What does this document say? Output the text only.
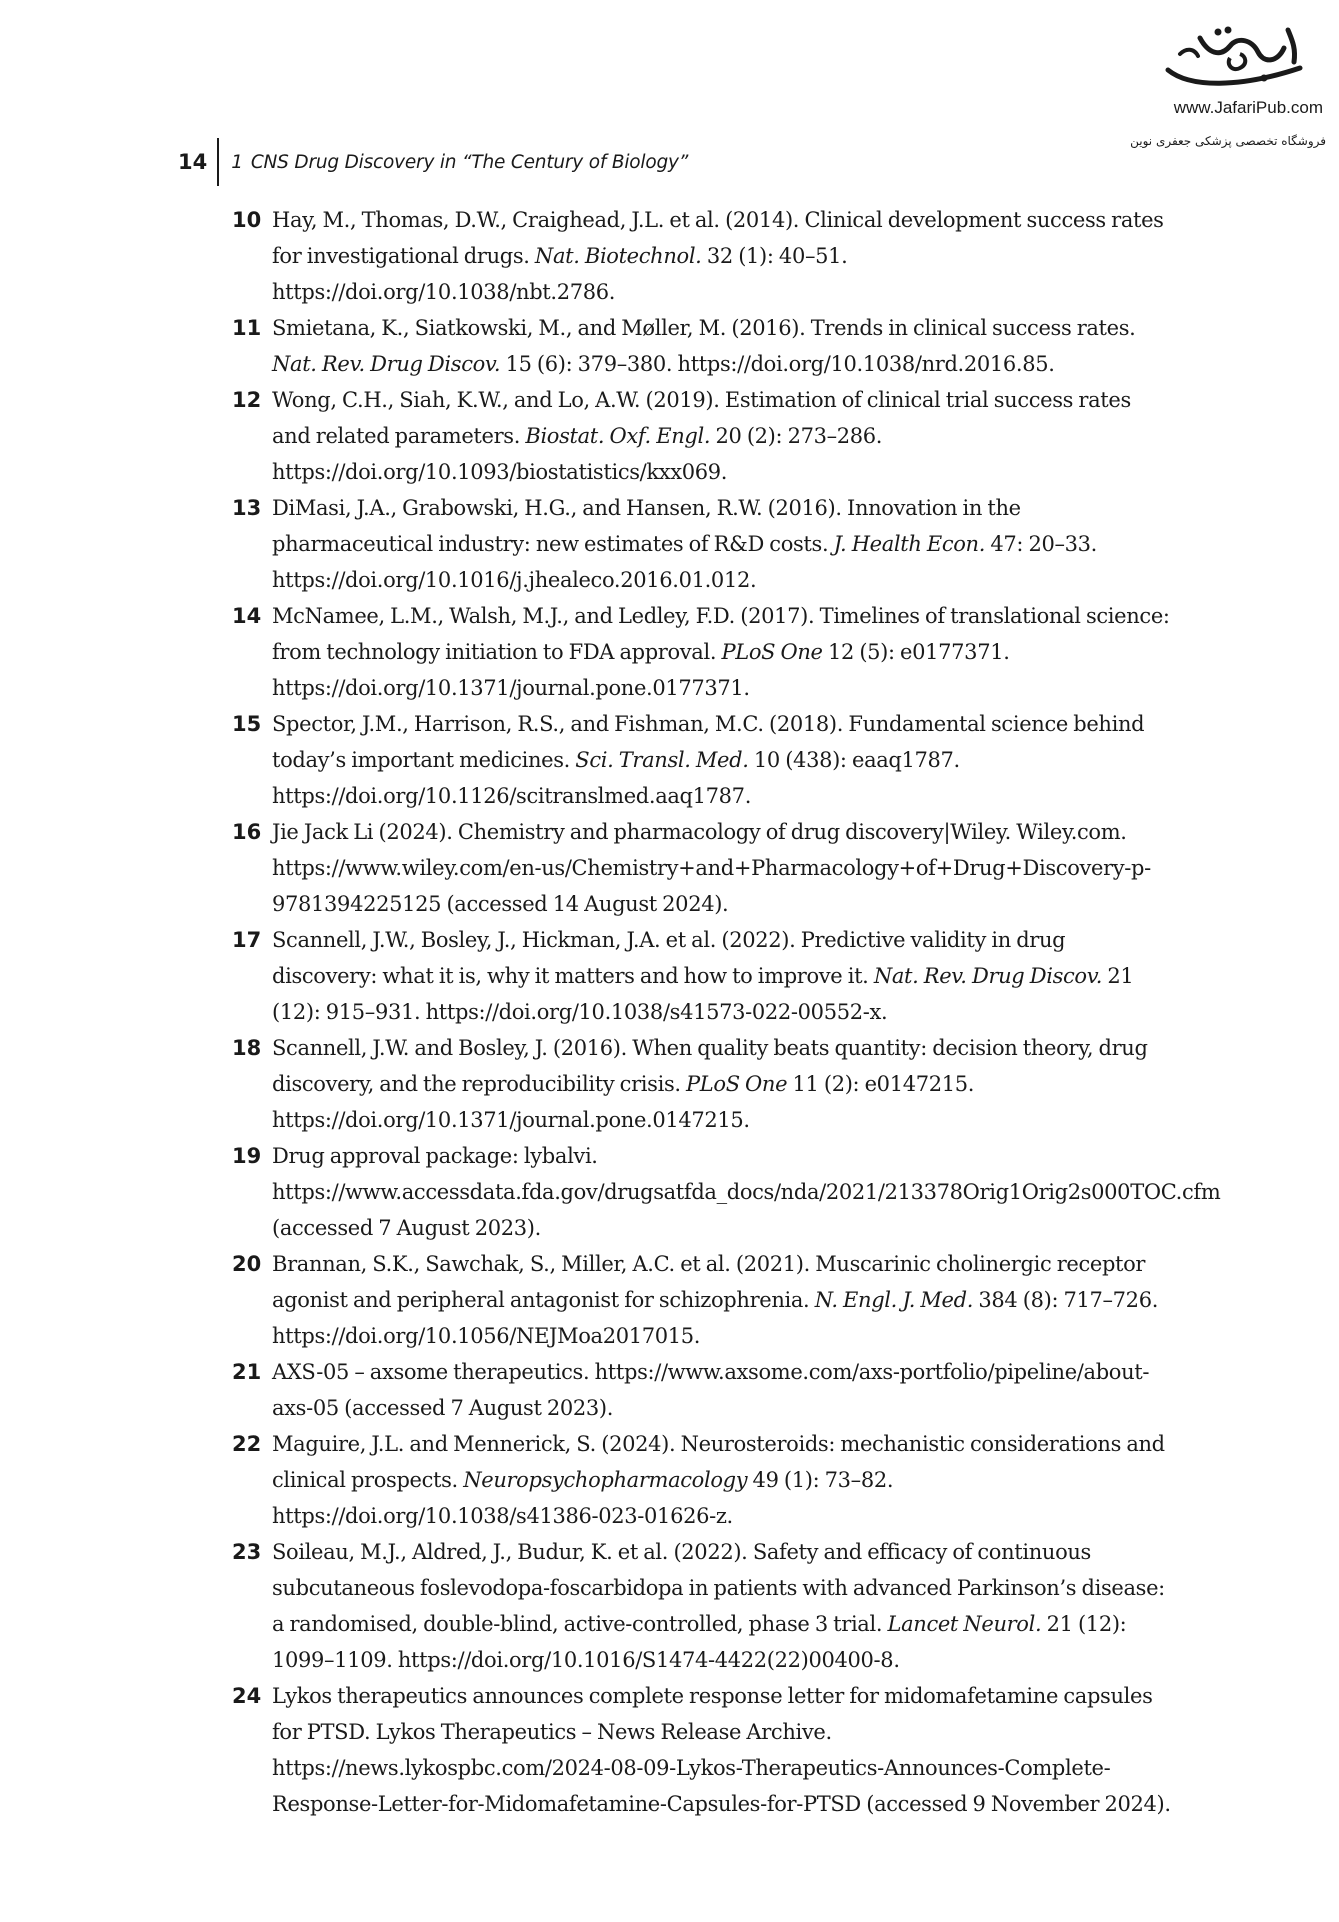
14	1 CNS Drug Discovery in “The Century of Biology”
www.JafariPub.com
فروشگاه تخصصی پزشکی جعفری نوین
10 Hay, M., Thomas, D.W., Craighead, J.L. et al. (2014). Clinical development success rates for investigational drugs. Nat. Biotechnol. 32 (1): 40–51. https://doi.org/10.1038/nbt.2786.
11 Smietana, K., Siatkowski, M., and Møller, M. (2016). Trends in clinical success rates. Nat. Rev. Drug Discov. 15 (6): 379–380. https://doi.org/10.1038/nrd.2016.85.
12 Wong, C.H., Siah, K.W., and Lo, A.W. (2019). Estimation of clinical trial success rates and related parameters. Biostat. Oxf. Engl. 20 (2): 273–286. https://doi.org/10.1093/biostatistics/kxx069.
13 DiMasi, J.A., Grabowski, H.G., and Hansen, R.W. (2016). Innovation in the pharmaceutical industry: new estimates of R&D costs. J. Health Econ. 47: 20–33. https://doi.org/10.1016/j.jhealeco.2016.01.012.
14 McNamee, L.M., Walsh, M.J., and Ledley, F.D. (2017). Timelines of translational science: from technology initiation to FDA approval. PLoS One 12 (5): e0177371. https://doi.org/10.1371/journal.pone.0177371.
15 Spector, J.M., Harrison, R.S., and Fishman, M.C. (2018). Fundamental science behind today’s important medicines. Sci. Transl. Med. 10 (438): eaaq1787. https://doi.org/10.1126/scitranslmed.aaq1787.
16 Jie Jack Li (2024). Chemistry and pharmacology of drug discovery|Wiley. Wiley.com. https://www.wiley.com/en-us/Chemistry+and+Pharmacology+of+Drug+Discovery-p-9781394225125 (accessed 14 August 2024).
17 Scannell, J.W., Bosley, J., Hickman, J.A. et al. (2022). Predictive validity in drug discovery: what it is, why it matters and how to improve it. Nat. Rev. Drug Discov. 21 (12): 915–931. https://doi.org/10.1038/s41573-022-00552-x.
18 Scannell, J.W. and Bosley, J. (2016). When quality beats quantity: decision theory, drug discovery, and the reproducibility crisis. PLoS One 11 (2): e0147215. https://doi.org/10.1371/journal.pone.0147215.
19 Drug approval package: lybalvi. https://www.accessdata.fda.gov/drugsatfda_docs/nda/2021/213378Orig1Orig2s000TOC.cfm (accessed 7 August 2023).
20 Brannan, S.K., Sawchak, S., Miller, A.C. et al. (2021). Muscarinic cholinergic receptor agonist and peripheral antagonist for schizophrenia. N. Engl. J. Med. 384 (8): 717–726. https://doi.org/10.1056/NEJMoa2017015.
21 AXS-05 – axsome therapeutics. https://www.axsome.com/axs-portfolio/pipeline/about-axs-05 (accessed 7 August 2023).
22 Maguire, J.L. and Mennerick, S. (2024). Neurosteroids: mechanistic considerations and clinical prospects. Neuropsychopharmacology 49 (1): 73–82. https://doi.org/10.1038/s41386-023-01626-z.
23 Soileau, M.J., Aldred, J., Budur, K. et al. (2022). Safety and efficacy of continuous subcutaneous foslevodopa-foscarbidopa in patients with advanced Parkinson’s disease: a randomised, double-blind, active-controlled, phase 3 trial. Lancet Neurol. 21 (12): 1099–1109. https://doi.org/10.1016/S1474-4422(22)00400-8.
24 Lykos therapeutics announces complete response letter for midomafetamine capsules for PTSD. Lykos Therapeutics – News Release Archive. https://news.lykospbc.com/2024-08-09-Lykos-Therapeutics-Announces-Complete-Response-Letter-for-Midomafetamine-Capsules-for-PTSD (accessed 9 November 2024).
